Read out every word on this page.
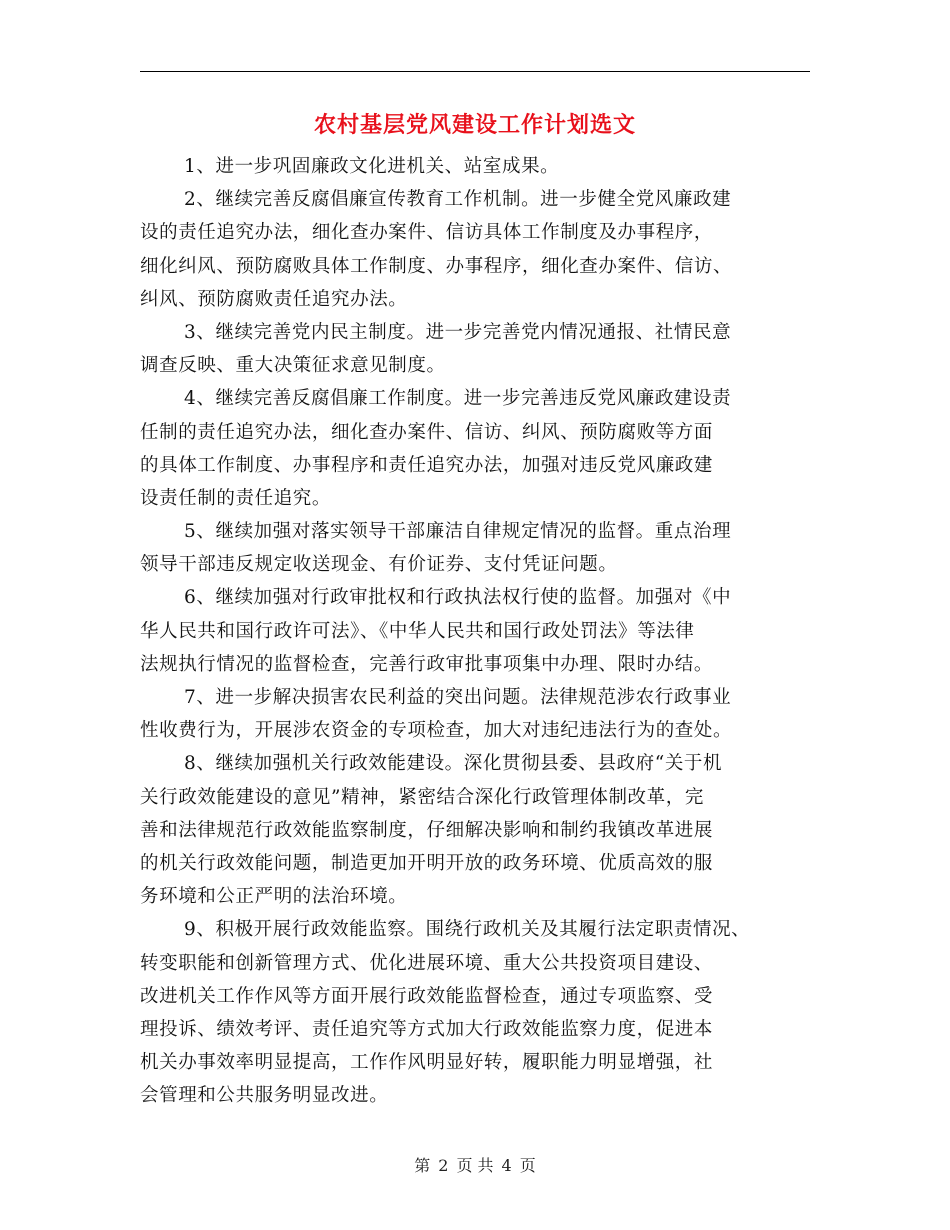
农村基层党风建设工作计划选文
1、进一步巩固廉政文化进机关、站室成果。
2、继续完善反腐倡廉宣传教育工作机制。进一步健全党风廉政建
设的责任追究办法，细化查办案件、信访具体工作制度及办事程序，
细化纠风、预防腐败具体工作制度、办事程序，细化查办案件、信访、
纠风、预防腐败责任追究办法。
3、继续完善党内民主制度。进一步完善党内情况通报、社情民意
调查反映、重大决策征求意见制度。
4、继续完善反腐倡廉工作制度。进一步完善违反党风廉政建设责
任制的责任追究办法，细化查办案件、信访、纠风、预防腐败等方面
的具体工作制度、办事程序和责任追究办法，加强对违反党风廉政建
设责任制的责任追究。
5、继续加强对落实领导干部廉洁自律规定情况的监督。重点治理
领导干部违反规定收送现金、有价证券、支付凭证问题。
6、继续加强对行政审批权和行政执法权行使的监督。加强对《中
华人民共和国行政许可法》、《中华人民共和国行政处罚法》等法律
法规执行情况的监督检查，完善行政审批事项集中办理、限时办结。
7、进一步解决损害农民利益的突出问题。法律规范涉农行政事业
性收费行为，开展涉农资金的专项检查，加大对违纪违法行为的查处。
8、继续加强机关行政效能建设。深化贯彻县委、县政府“关于机
关行政效能建设的意见”精神，紧密结合深化行政管理体制改革，完
善和法律规范行政效能监察制度，仔细解决影响和制约我镇改革进展
的机关行政效能问题，制造更加开明开放的政务环境、优质高效的服
务环境和公正严明的法治环境。
9、积极开展行政效能监察。围绕行政机关及其履行法定职责情况、
转变职能和创新管理方式、优化进展环境、重大公共投资项目建设、
改进机关工作作风等方面开展行政效能监督检查，通过专项监察、受
理投诉、绩效考评、责任追究等方式加大行政效能监察力度，促进本
机关办事效率明显提高，工作作风明显好转，履职能力明显增强，社
会管理和公共服务明显改进。
第 2 页 共 4 页
